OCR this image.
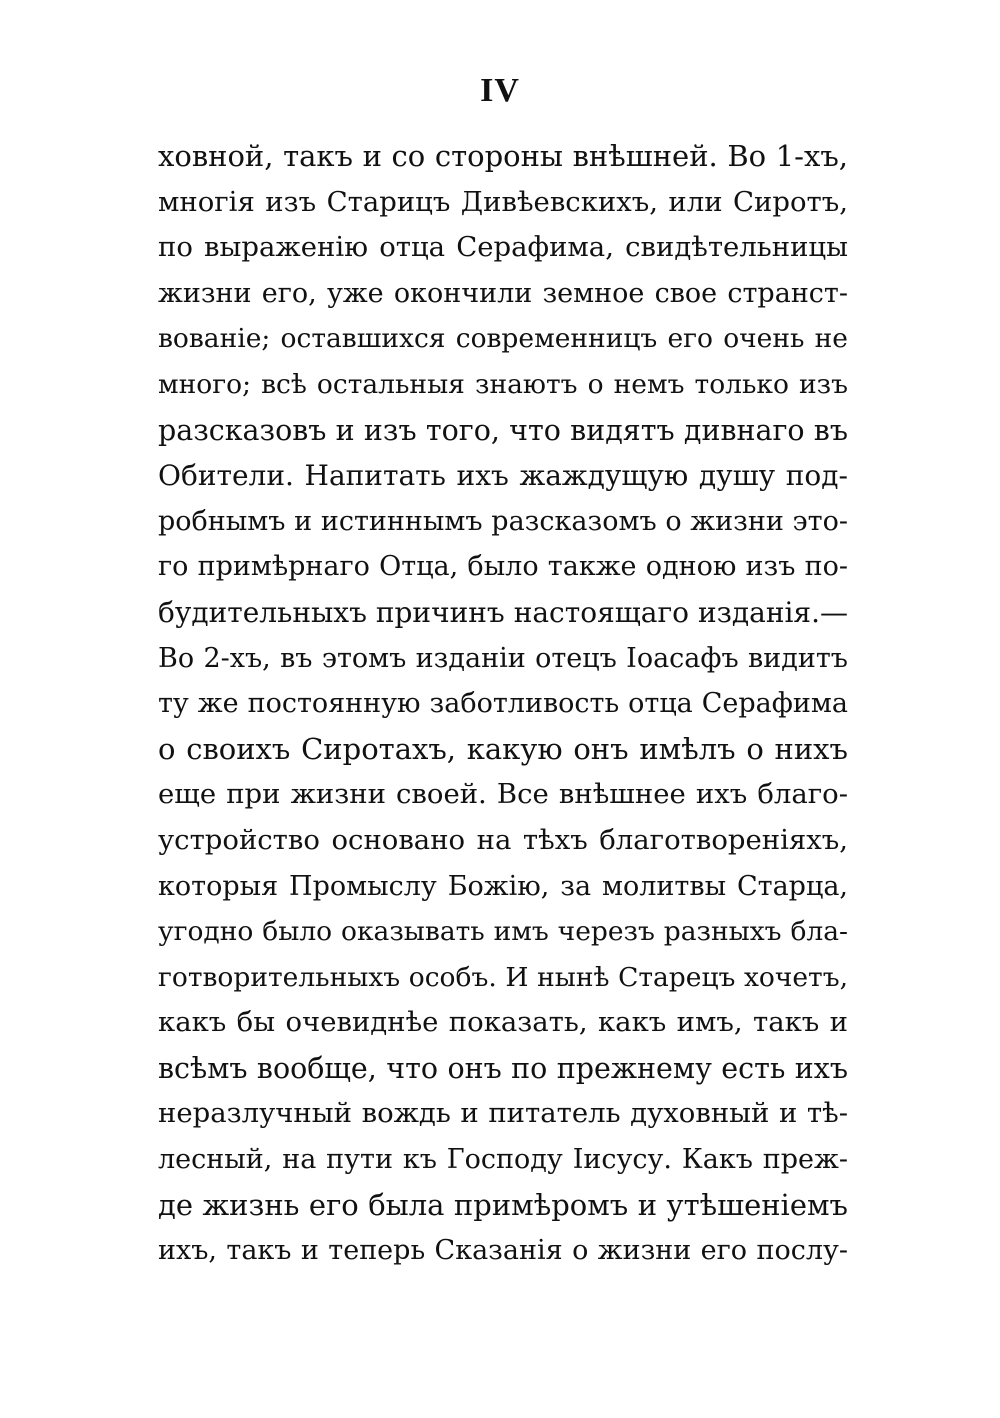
IV
ховной, такъ и со стороны внѣшней. Во 1-хъ,
многія изъ Старицъ Дивѣевскихъ, или Сиротъ,
по выраженію отца Серафима, свидѣтельницы
жизни его, уже окончили земное свое странст-
вованіе; оставшихся современницъ его очень не
много; всѣ остальныя знаютъ о немъ только изъ
разсказовъ и изъ того, что видятъ дивнаго въ
Обители. Напитать ихъ жаждущую душу под-
робнымъ и истиннымъ разсказомъ о жизни это-
го примѣрнаго Отца, было также одною изъ по-
будительныхъ причинъ настоящаго изданія.—
Во 2-хъ, въ этомъ изданіи отецъ Іоасафъ видитъ
ту же постоянную заботливость отца Серафима
о своихъ Сиротахъ, какую онъ имѣлъ о нихъ
еще при жизни своей. Все внѣшнее ихъ благо-
устройство основано на тѣхъ благотвореніяхъ,
которыя Промыслу Божію, за молитвы Старца,
угодно было оказывать имъ черезъ разныхъ бла-
готворительныхъ особъ. И нынѣ Старецъ хочетъ,
какъ бы очевиднѣе показать, какъ имъ, такъ и
всѣмъ вообще, что онъ по прежнему есть ихъ
неразлучный вождь и питатель духовный и тѣ-
лесный, на пути къ Господу Іисусу. Какъ преж-
де жизнь его была примѣромъ и утѣшеніемъ
ихъ, такъ и теперь Сказанія о жизни его послу-
